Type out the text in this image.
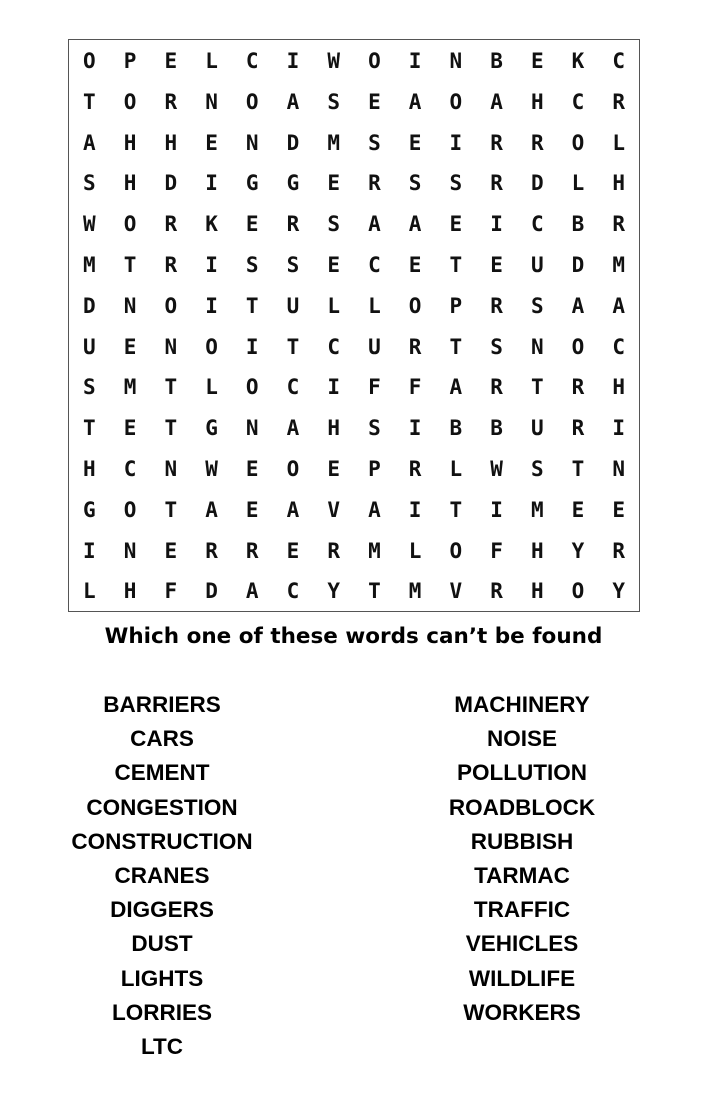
O	P	E	L	C	I	W	O	I	N	B	E	K	C
T	O	R	N	O	A	S	E	A	O	A	H	C	R
A	H	H	E	N	D	M	S	E	I	R	R	O	L
S	H	D	I	G	G	E	R	S	S	R	D	L	H
W	O	R	K	E	R	S	A	A	E	I	C	B	R
M	T	R	I	S	S	E	C	E	T	E	U	D	M
D	N	O	I	T	U	L	L	O	P	R	S	A	A
U	E	N	O	I	T	C	U	R	T	S	N	O	C
S	M	T	L	O	C	I	F	F	A	R	T	R	H
T	E	T	G	N	A	H	S	I	B	B	U	R	I
H	C	N	W	E	O	E	P	R	L	W	S	T	N
G	O	T	A	E	A	V	A	I	T	I	M	E	E
I	N	E	R	R	E	R	M	L	O	F	H	Y	R
L	H	F	D	A	C	Y	T	M	V	R	H	O	Y
Which one of these words can’t be found
BARRIERS
CARS
CEMENT
CONGESTION
CONSTRUCTION
CRANES
DIGGERS
DUST
LIGHTS
LORRIES
LTC
MACHINERY
NOISE
POLLUTION
ROADBLOCK
RUBBISH
TARMAC
TRAFFIC
VEHICLES
WILDLIFE
WORKERS
